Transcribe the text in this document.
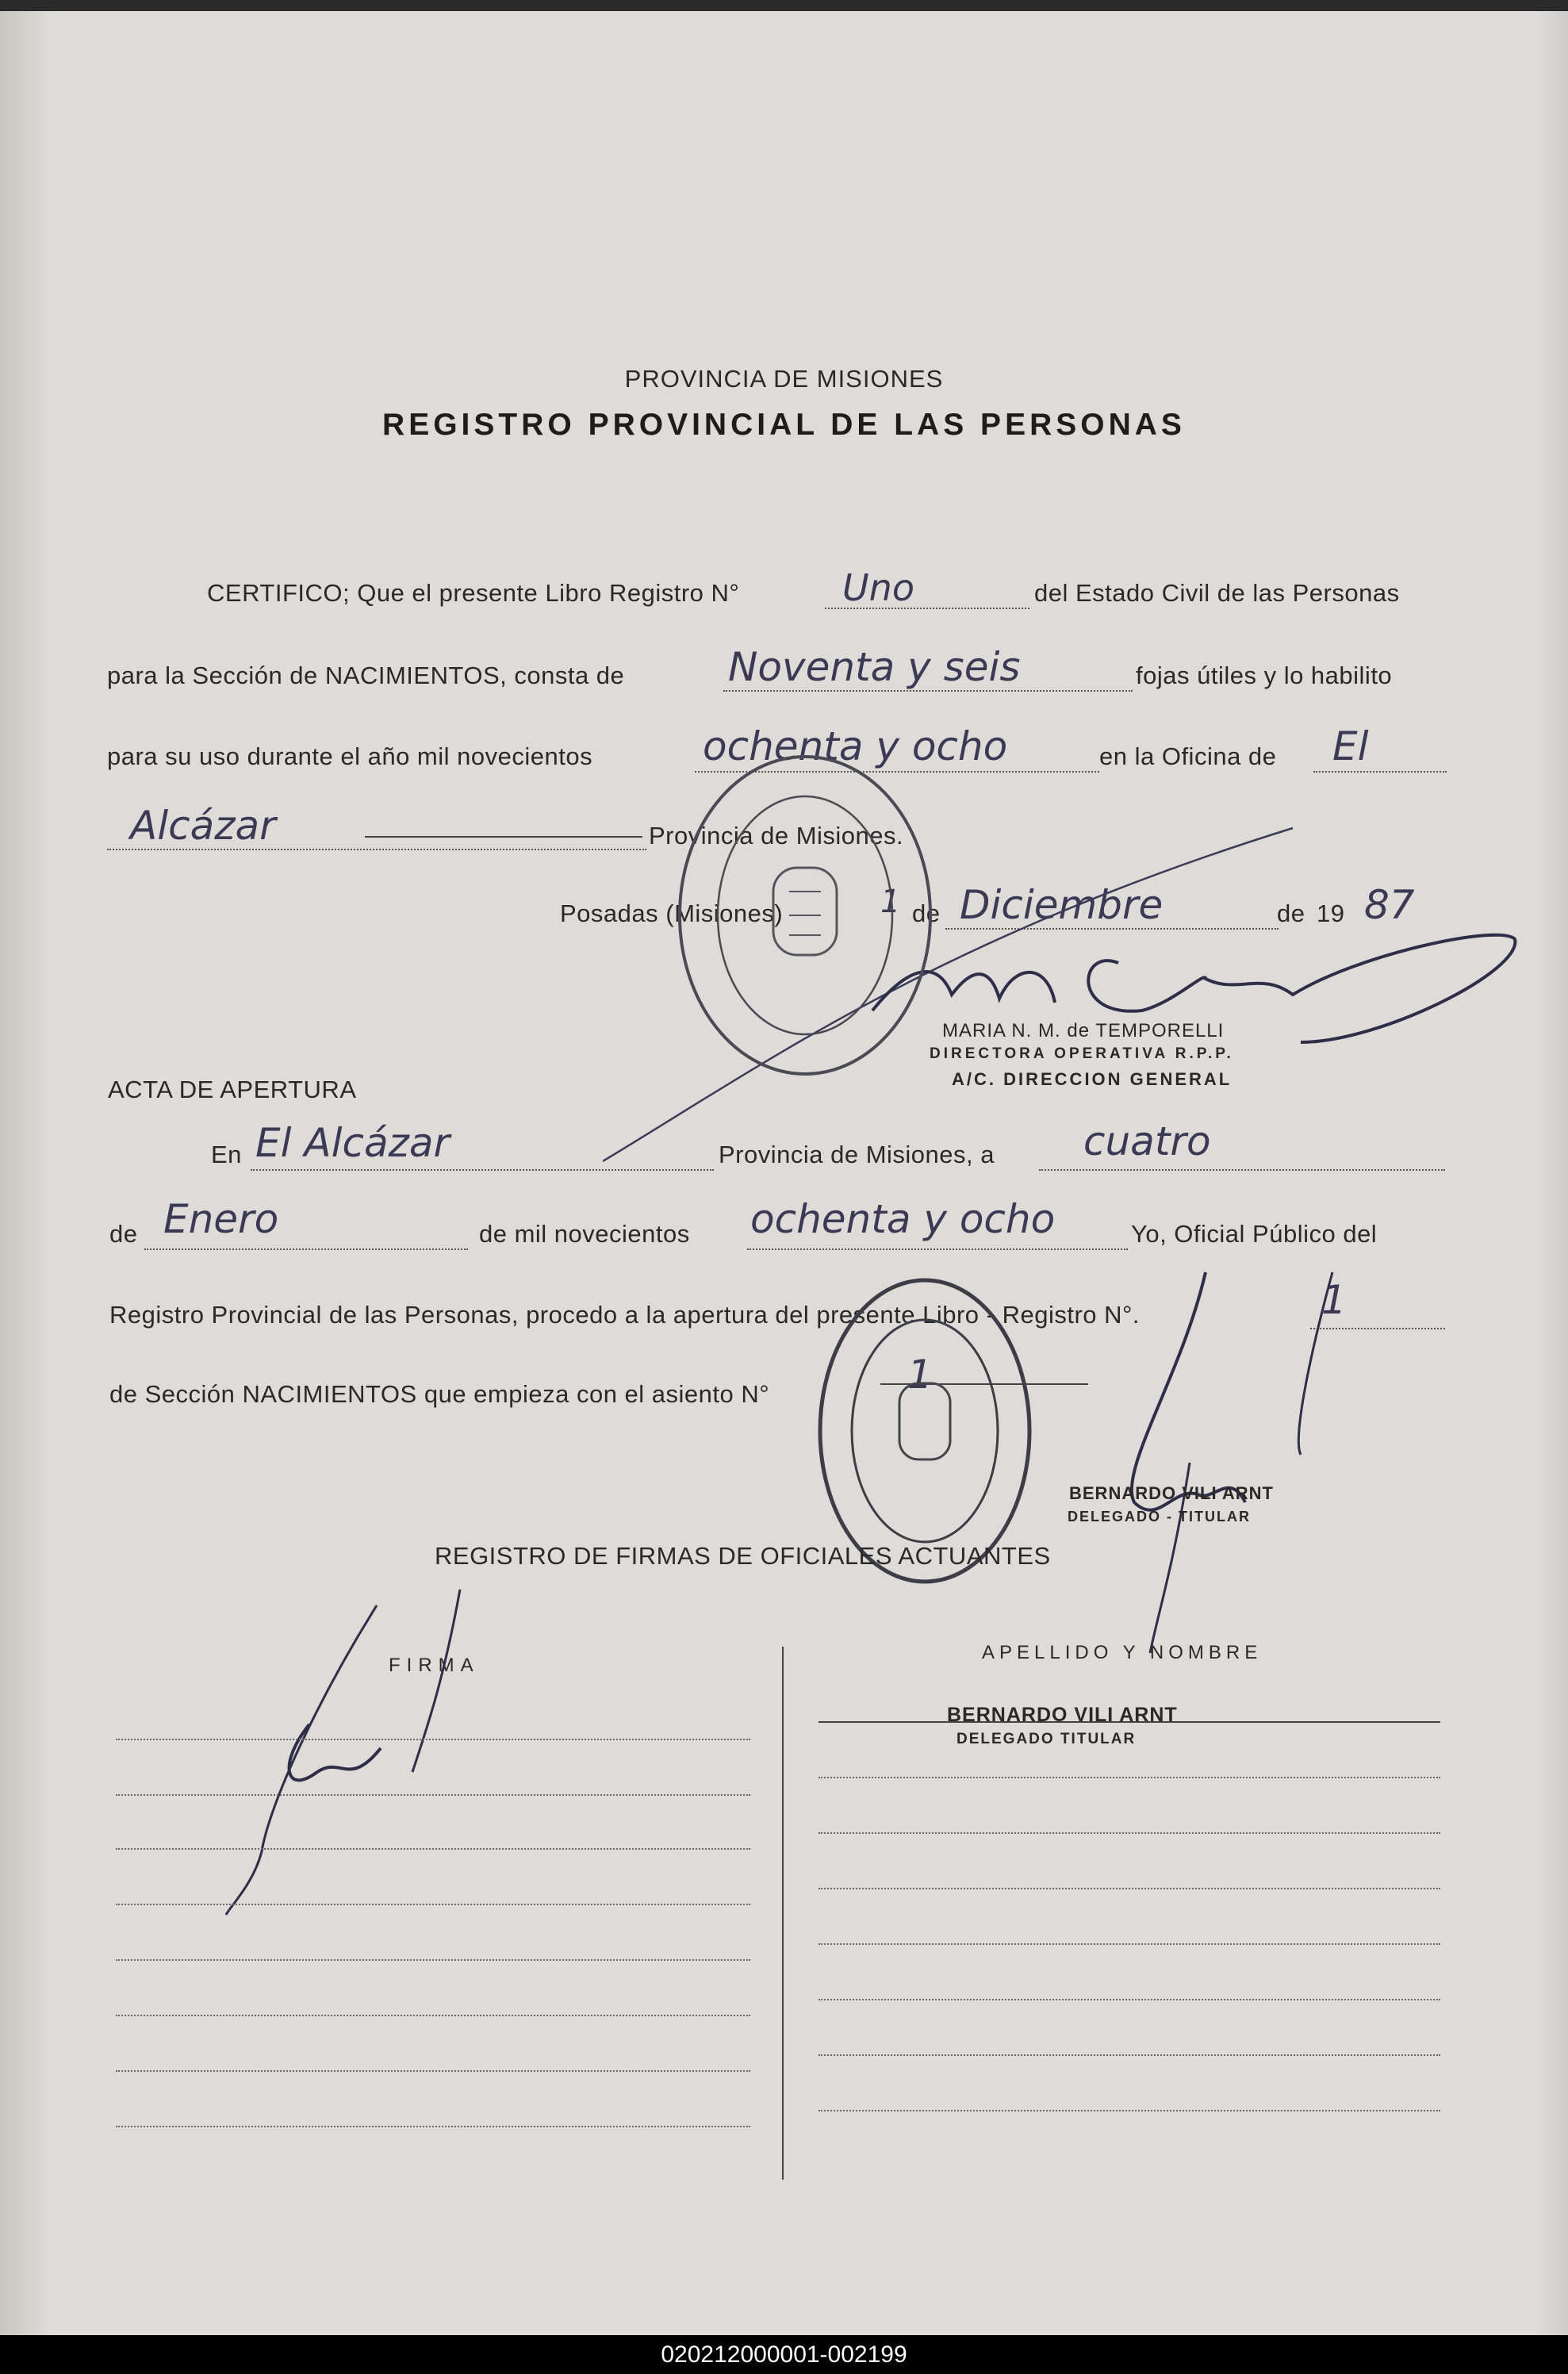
PROVINCIA DE MISIONES
REGISTRO PROVINCIAL DE LAS PERSONAS
CERTIFICO; Que el presente Libro Registro N°	Uno	del Estado Civil de las Personas
para la Sección de NACIMIENTOS, consta de	Noventa y seis	fojas útiles y lo habilito
para su uso durante el año mil novecientos	ochenta y ocho	en la Oficina de El
Alcázar	Provincia de Misiones.
Posadas (Misiones)	1 de Diciembre	de 19 87
MARIA N. M. de TEMPORELLI
DIRECTORA OPERATIVA R.P.P.
A/C. DIRECCION GENERAL
ACTA DE APERTURA
En El Alcázar	Provincia de Misiones, a cuatro
de Enero	de mil novecientos ochenta y ocho	Yo, Oficial Público del
Registro Provincial de las Personas, procedo a la apertura del presente Libro - Registro N°.	1
de Sección NACIMIENTOS que empieza con el asiento N°	1
BERNARDO VILI ARNT
DELEGADO - TITULAR
REGISTRO DE FIRMAS DE OFICIALES ACTUANTES
FIRMA
APELLIDO Y NOMBRE
BERNARDO VILI ARNT
DELEGADO TITULAR
020212000001-002199
